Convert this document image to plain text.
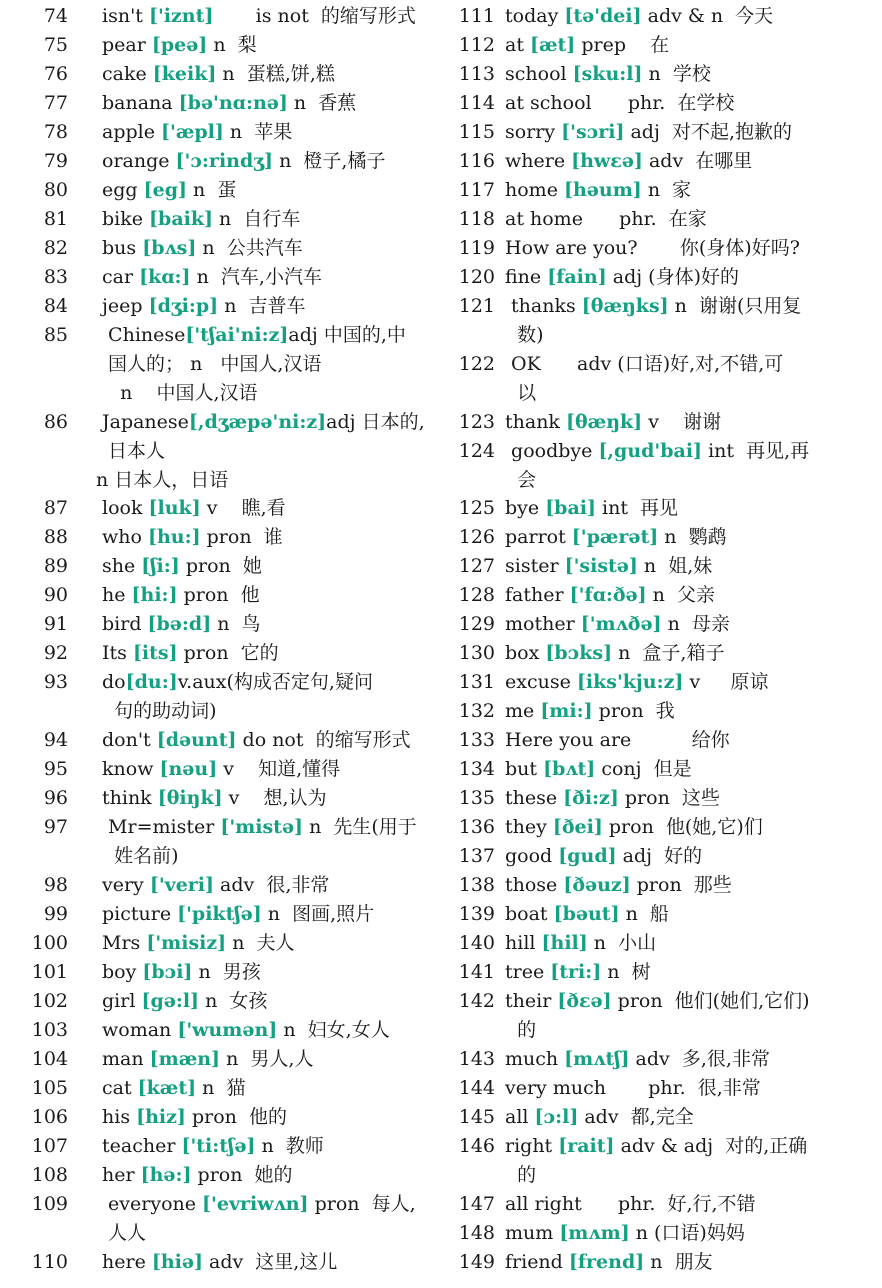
74 isn't ['iznt]       is not  的缩写形式
75 pear [peə] n  梨
76 cake [keik] n  蛋糕,饼,糕
77 banana [bə'nɑ:nə] n  香蕉
78 apple ['æpl] n  苹果
79 orange ['ɔ:rindʒ] n  橙子,橘子
80 egg [eg] n  蛋
81 bike [baik] n  自行车
82 bus [bʌs] n  公共汽车
83 car [kɑ:] n  汽车,小汽车
84 jeep [dʒi:p] n  吉普车
85 Chinese['tʃai'ni:z]adj 中国的,中
国人的； n   中国人,汉语
n    中国人,汉语
86 Japanese[,dʒæpə'ni:z]adj 日本的,
日本人
n 日本人，日语
87 look [luk] v    瞧,看
88 who [hu:] pron  谁
89 she [ʃi:] pron  她
90 he [hi:] pron  他
91 bird [bə:d] n  鸟
92 Its [its] pron  它的
93 do[du:]v.aux(构成否定句,疑问
句的助动词)
94 don't [dəunt] do not  的缩写形式
95 know [nəu] v    知道,懂得
96 think [θiŋk] v    想,认为
97 Mr=mister ['mistə] n  先生(用于
姓名前)
98 very ['veri] adv  很,非常
99 picture ['piktʃə] n  图画,照片
100 Mrs ['misiz] n  夫人
101 boy [bɔi] n  男孩
102 girl [gə:l] n  女孩
103 woman ['wumən] n  妇女,女人
104 man [mæn] n  男人,人
105 cat [kæt] n  猫
106 his [hiz] pron  他的
107 teacher ['ti:tʃə] n  教师
108 her [hə:] pron  她的
109 everyone ['evriwʌn] pron  每人,
人人
110 here [hiə] adv  这里,这儿
111 today [tə'dei] adv & n  今天
112 at [æt] prep    在
113 school [sku:l] n  学校
114 at school      phr.  在学校
115 sorry ['sɔri] adj  对不起,抱歉的
116 where [hwεə] adv  在哪里
117 home [həum] n  家
118 at home      phr.  在家
119 How are you?       你(身体)好吗?
120 fine [fain] adj (身体)好的
121 thanks [θæŋks] n  谢谢(只用复
数)
122 OK      adv (口语)好,对,不错,可
以
123 thank [θæŋk] v    谢谢
124 goodbye [,gud'bai] int  再见,再
会
125 bye [bai] int  再见
126 parrot ['pærət] n  鹦鹉
127 sister ['sistə] n  姐,妹
128 father ['fɑ:ðə] n  父亲
129 mother ['mʌðə] n  母亲
130 box [bɔks] n  盒子,箱子
131 excuse [iks'kju:z] v     原谅
132 me [mi:] pron  我
133 Here you are          给你
134 but [bʌt] conj  但是
135 these [ði:z] pron  这些
136 they [ðei] pron  他(她,它)们
137 good [gud] adj  好的
138 those [ðəuz] pron  那些
139 boat [bəut] n  船
140 hill [hil] n  小山
141 tree [tri:] n  树
142 their [ðεə] pron  他们(她们,它们)
的
143 much [mʌtʃ] adv  多,很,非常
144 very much       phr.  很,非常
145 all [ɔ:l] adv  都,完全
146 right [rait] adv & adj  对的,正确
的
147 all right      phr.  好,行,不错
148 mum [mʌm] n (口语)妈妈
149 friend [frend] n  朋友
